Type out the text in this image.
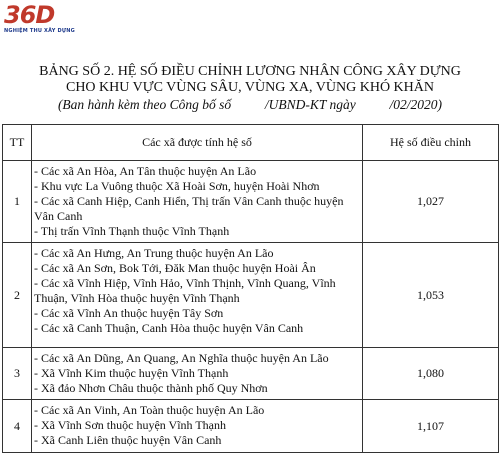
36D
NGHIỆM THU XÂY DỰNG
BẢNG SỐ 2. HỆ SỐ ĐIỀU CHỈNH LƯƠNG NHÂN CÔNG XÂY DỰNG
CHO KHU VỰC VÙNG SÂU, VÙNG XA, VÙNG KHÓ KHĂN
(Ban hành kèm theo Công bố số          /UBND-KT ngày          /02/2020)
TT	Các xã được tính hệ số	Hệ số điều chỉnh
1	- Các xã An Hòa, An Tân thuộc huyện An Lão
- Khu vực La Vuông thuộc Xã Hoài Sơn, huyện Hoài Nhơn
- Các xã Canh Hiệp, Canh Hiển, Thị trấn Vân Canh thuộc huyện Vân Canh
- Thị trấn Vĩnh Thạnh thuộc Vĩnh Thạnh	1,027
2	- Các xã An Hưng, An Trung thuộc huyện An Lão
- Các xã An Sơn, Bok Tới, Đăk Man thuộc huyện Hoài Ân
- Các xã Vĩnh Hiệp, Vĩnh Hảo, Vĩnh Thịnh, Vĩnh Quang, Vĩnh Thuận, Vĩnh Hòa thuộc huyện Vĩnh Thạnh
- Các xã Vĩnh An thuộc huyện Tây Sơn
- Các xã Canh Thuận, Canh Hòa thuộc huyện Vân Canh	1,053
3	- Các xã An Dũng, An Quang, An Nghĩa thuộc huyện An Lão
- Xã Vĩnh Kim thuộc huyện Vĩnh Thạnh
- Xã đảo Nhơn Châu thuộc thành phố Quy Nhơn	1,080
4	- Các xã An Vinh, An Toàn thuộc huyện An Lão
- Xã Vĩnh Sơn thuộc huyện Vĩnh Thạnh
- Xã Canh Liên thuộc huyện Vân Canh	1,107
